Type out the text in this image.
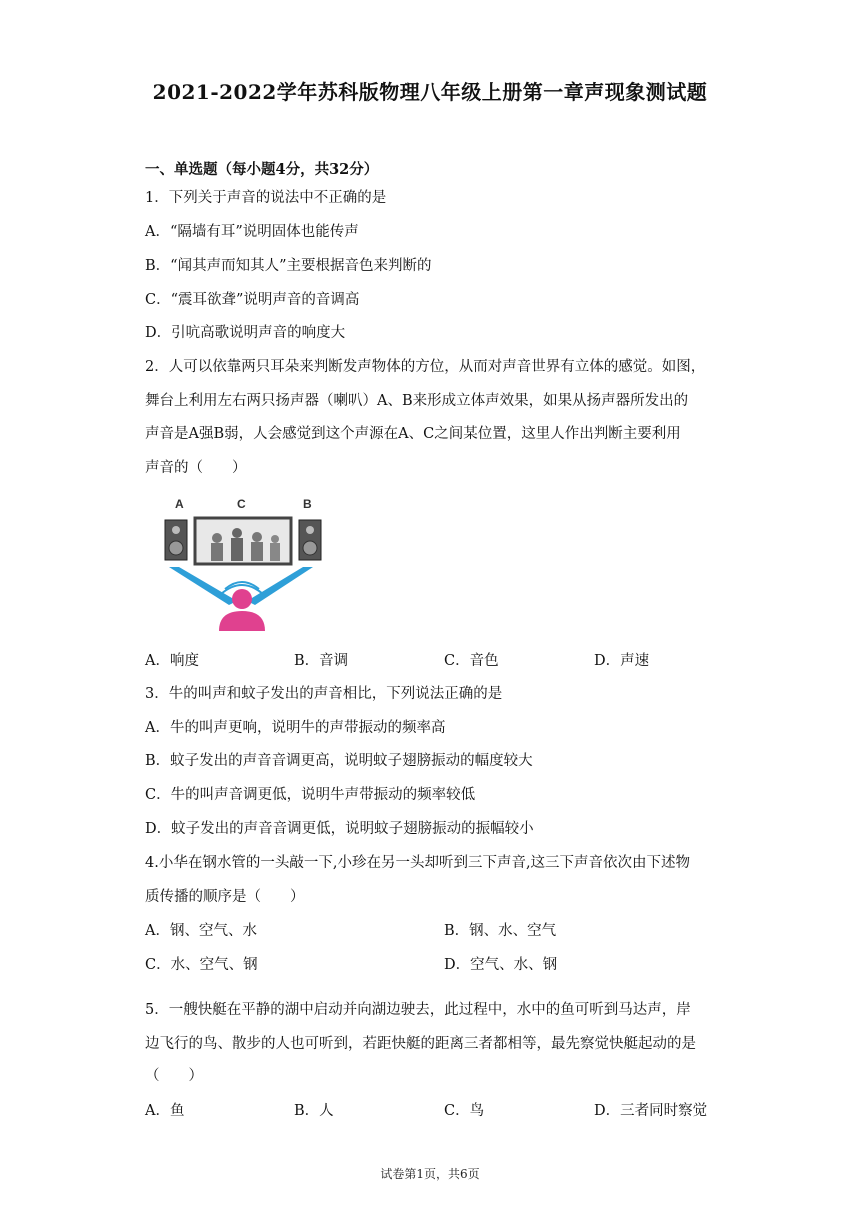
2021-2022学年苏科版物理八年级上册第一章声现象测试题
一、单选题（每小题4分，共32分）
1．下列关于声音的说法中不正确的是
A．“隔墙有耳”说明固体也能传声
B．“闻其声而知其人”主要根据音色来判断的
C．“震耳欲聋”说明声音的音调高
D．引吭高歌说明声音的响度大
2．人可以依靠两只耳朵来判断发声物体的方位，从而对声音世界有立体的感觉。如图，
舞台上利用左右两只扬声器（喇叭）A、B来形成立体声效果，如果从扬声器所发出的
声音是A强B弱，人会感觉到这个声源在A、C之间某位置，这里人作出判断主要利用
声音的（　　）
A	C	B
A．响度	B．音调	C．音色	D．声速
3．牛的叫声和蚊子发出的声音相比，下列说法正确的是
A．牛的叫声更响，说明牛的声带振动的频率高
B．蚊子发出的声音音调更高，说明蚊子翅膀振动的幅度较大
C．牛的叫声音调更低，说明牛声带振动的频率较低
D．蚊子发出的声音音调更低，说明蚊子翅膀振动的振幅较小
4.小华在钢水管的一头敲一下,小珍在另一头却听到三下声音,这三下声音依次由下述物
质传播的顺序是（　　）
A．钢、空气、水	B．钢、水、空气
C．水、空气、钢	D．空气、水、钢
5．一艘快艇在平静的湖中启动并向湖边驶去，此过程中，水中的鱼可听到马达声，岸
边飞行的鸟、散步的人也可听到，若距快艇的距离三者都相等，最先察觉快艇起动的是
（　　）
A．鱼	B．人	C．鸟	D．三者同时察觉
试卷第1页，共6页
